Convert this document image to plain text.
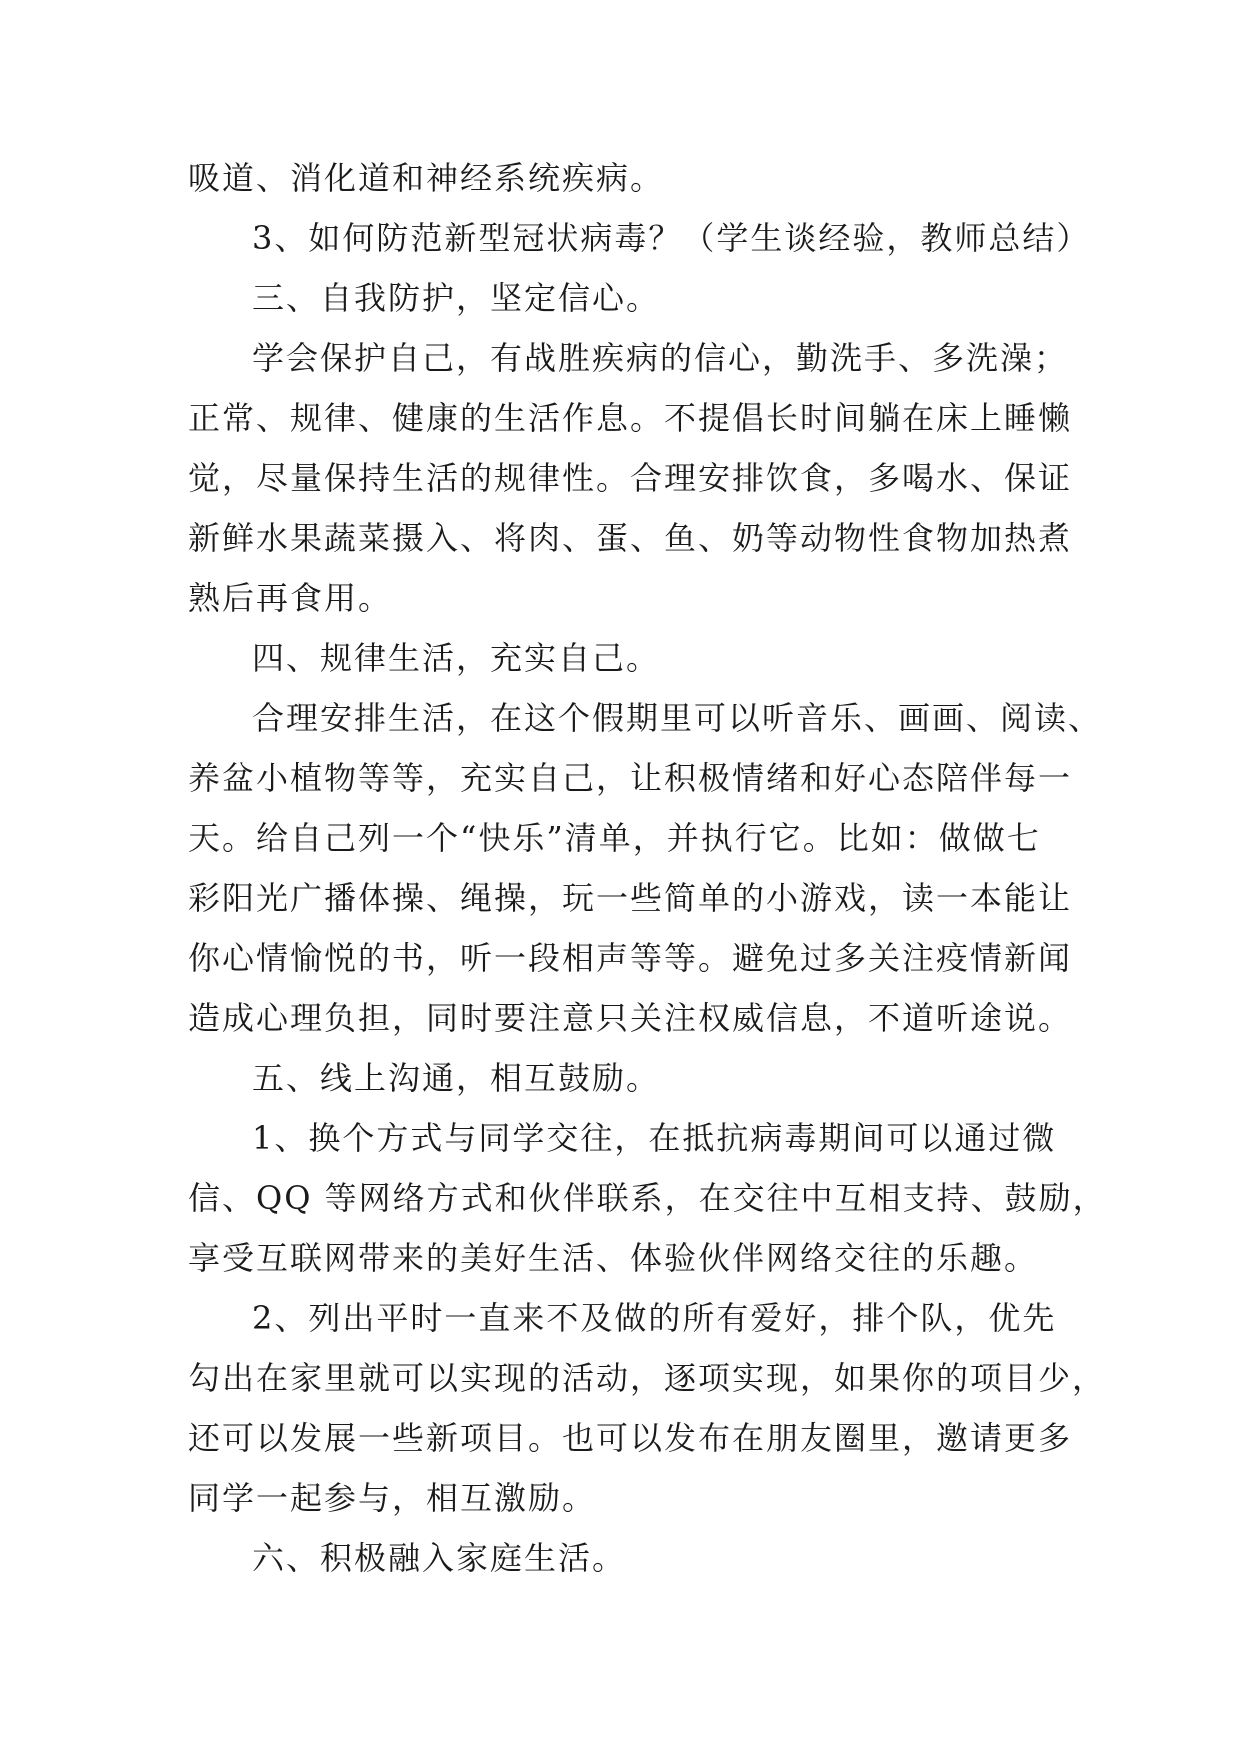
吸道、消化道和神经系统疾病。

3、如何防范新型冠状病毒？（学生谈经验，教师总结）

三、自我防护，坚定信心。

学会保护自己，有战胜疾病的信心，勤洗手、多洗澡；

正常、规律、健康的生活作息。不提倡长时间躺在床上睡懒

觉，尽量保持生活的规律性。合理安排饮食，多喝水、保证

新鲜水果蔬菜摄入、将肉、蛋、鱼、奶等动物性食物加热煮

熟后再食用。

四、规律生活，充实自己。

合理安排生活，在这个假期里可以听音乐、画画、阅读、

养盆小植物等等，充实自己，让积极情绪和好心态陪伴每一

天。给自己列一个“快乐”清单，并执行它。比如：做做七

彩阳光广播体操、绳操，玩一些简单的小游戏，读一本能让

你心情愉悦的书，听一段相声等等。避免过多关注疫情新闻

造成心理负担，同时要注意只关注权威信息，不道听途说。

五、线上沟通，相互鼓励。

1、换个方式与同学交往，在抵抗病毒期间可以通过微

信、QQ 等网络方式和伙伴联系，在交往中互相支持、鼓励，

享受互联网带来的美好生活、体验伙伴网络交往的乐趣。

2、列出平时一直来不及做的所有爱好，排个队，优先

勾出在家里就可以实现的活动，逐项实现，如果你的项目少，

还可以发展一些新项目。也可以发布在朋友圈里，邀请更多

同学一起参与，相互激励。

六、积极融入家庭生活。
